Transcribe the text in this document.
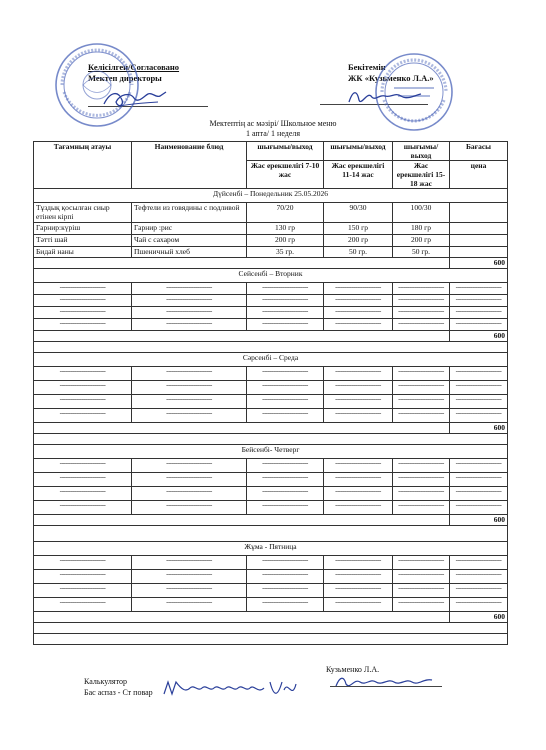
Келісілген/Согласовано
Мектеп директоры
Бекітемін
ЖК «Кузьменко Л.А.»
Мектептің ас мәзірі/ Школьное меню
1 апта/ 1 неделя
Тағамның атауы	Наименование блюд	шығымы/выход	шығымы/выход	шығымы/выход	Бағасы
		Жас ерекшелігі 7-10 жас	Жас ерекшелігі 11-14 жас	Жас ерекшелігі 15-18 жас	цена
Дүйсенбі – Понедельник 25.05.2026					
Тұздық қосылған сиыр етінен кірпі	Тефтели из говядины с подливой	70/20	90/30	100/30	
Гарнир:күріш	Гарнир :рис	130 гр	150 гр	180 гр	
Тәтті шай	Чай с сахаром	200 гр	200 гр	200 гр	
Бидай наны	Пшеничный хлеб	35 гр.	50 гр.	50 гр.	
					600
Сейсенбі – Вторник					
-------------------------	-------------------------	-------------------------	-------------------------	-------------------------	-------------------------
-------------------------	-------------------------	-------------------------	-------------------------	-------------------------	-------------------------
-------------------------	-------------------------	-------------------------	-------------------------	-------------------------	-------------------------
-------------------------	-------------------------	-------------------------	-------------------------	-------------------------	-------------------------
					600

Сәрсенбі – Среда					
-------------------------	-------------------------	-------------------------	-------------------------	-------------------------	-------------------------
-------------------------	-------------------------	-------------------------	-------------------------	-------------------------	-------------------------
-------------------------	-------------------------	-------------------------	-------------------------	-------------------------	-------------------------
-------------------------	-------------------------	-------------------------	-------------------------	-------------------------	-------------------------
					600

Бейсенбі- Четверг					
-------------------------	-------------------------	-------------------------	-------------------------	-------------------------	-------------------------
-------------------------	-------------------------	-------------------------	-------------------------	-------------------------	-------------------------
-------------------------	-------------------------	-------------------------	-------------------------	-------------------------	-------------------------
-------------------------	-------------------------	-------------------------	-------------------------	-------------------------	-------------------------
					600

Жұма - Пятница					
-------------------------	-------------------------	-------------------------	-------------------------	-------------------------	-------------------------
-------------------------	-------------------------	-------------------------	-------------------------	-------------------------	-------------------------
-------------------------	-------------------------	-------------------------	-------------------------	-------------------------	-------------------------
-------------------------	-------------------------	-------------------------	-------------------------	-------------------------	-------------------------
					600

Калькулятор
Бас аспаз - Ст повар
Кузьменко Л.А.
